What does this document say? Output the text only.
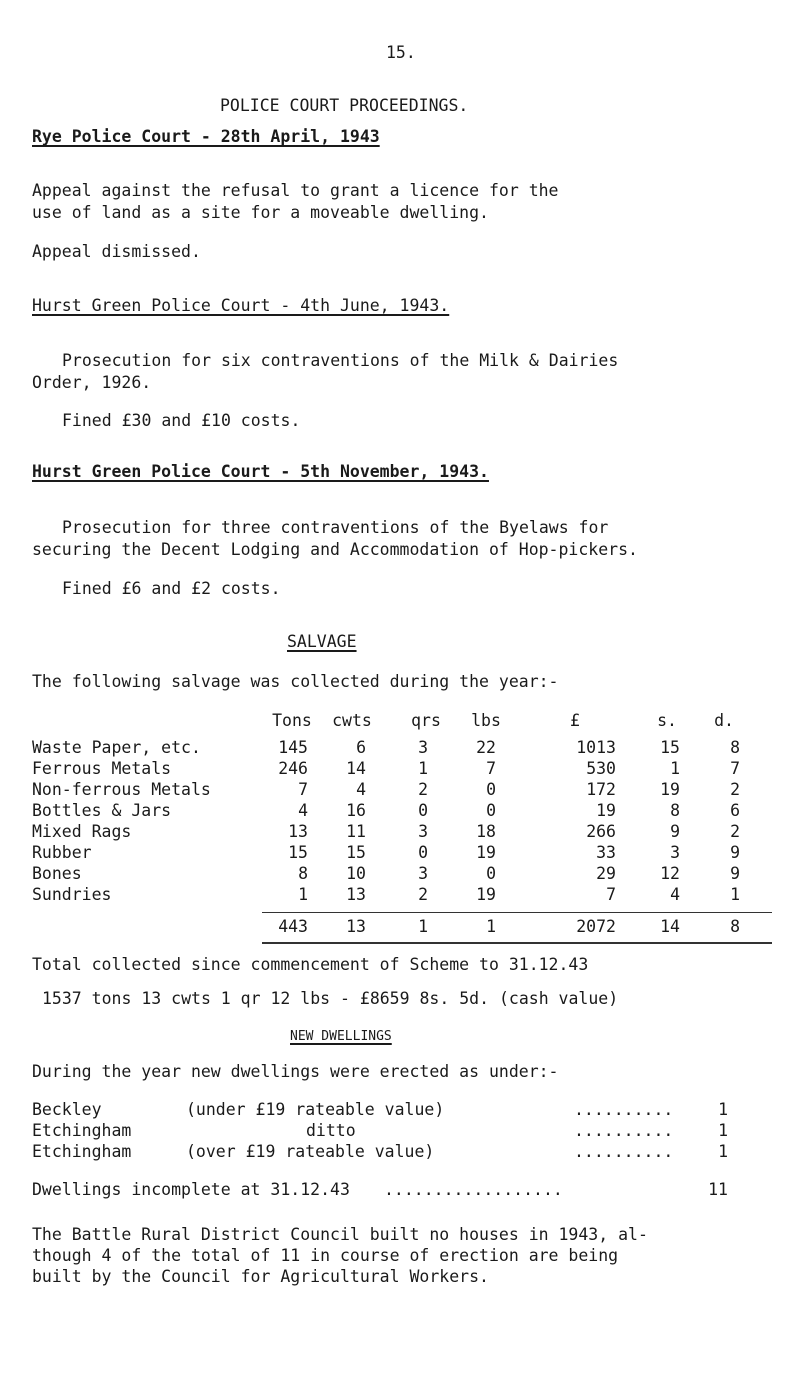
15.
POLICE COURT PROCEEDINGS.
Rye Police Court - 28th April, 1943
Appeal against the refusal to grant a licence for the
use of land as a site for a moveable dwelling.
Appeal dismissed.
Hurst Green Police Court - 4th June, 1943.
Prosecution for six contraventions of the Milk & Dairies
Order, 1926.
Fined £30 and £10 costs.
Hurst Green Police Court - 5th November, 1943.
Prosecution for three contraventions of the Byelaws for
securing the Decent Lodging and Accommodation of Hop-pickers.
Fined £6 and £2 costs.
SALVAGE
The following salvage was collected during the year:-
Tons	cwts	qrs	lbs	£	s.	d.
Waste Paper, etc.	145	6	3	22	1013	15	8
Ferrous Metals	246	14	1	7	530	1	7
Non-ferrous Metals	7	4	2	0	172	19	2
Bottles & Jars	4	16	0	0	19	8	6
Mixed Rags	13	11	3	18	266	9	2
Rubber	15	15	0	19	33	3	9
Bones	8	10	3	0	29	12	9
Sundries	1	13	2	19	7	4	1
443	13	1	1	2072	14	8
Total collected since commencement of Scheme to 31.12.43
1537 tons 13 cwts 1 qr 12 lbs - £8659 8s. 5d. (cash value)
NEW DWELLINGS
During the year new dwellings were erected as under:-
Beckley	(under £19 rateable value)	..........	1
Etchingham	ditto	..........	1
Etchingham	(over £19 rateable value)	..........	1
Dwellings incomplete at 31.12.43 ..................	11
The Battle Rural District Council built no houses in 1943, al-
though 4 of the total of 11 in course of erection are being
built by the Council for Agricultural Workers.
